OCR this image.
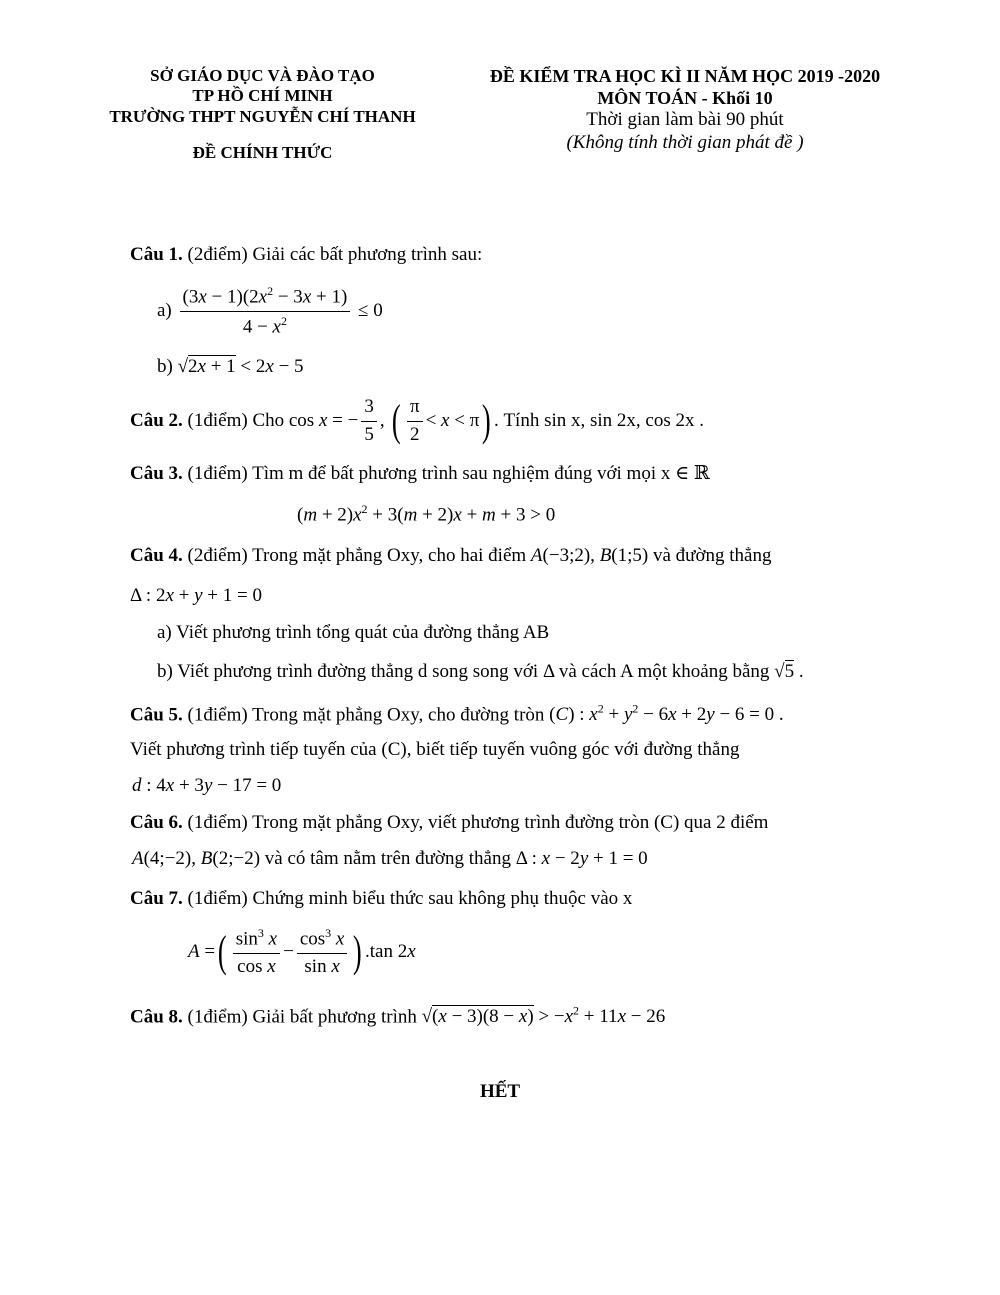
SỞ GIÁO DỤC VÀ ĐÀO TẠO
TP HỒ CHÍ MINH
TRƯỜNG THPT NGUYỄN CHÍ THANH
ĐỀ CHÍNH THỨC
ĐỀ KIỂM TRA HỌC KÌ II NĂM HỌC 2019 -2020
MÔN TOÁN - Khối 10
Thời gian làm bài 90 phút
(Không tính thời gian phát đề )
Câu 1. (2điểm) Giải các bất phương trình sau:
$a) \frac{(3x - 1)(2x^2 - 3x + 1)}{4 - x^2} \le 0$
b) √2x + 1 < 2x − 5
Câu 2. (1điểm) Cho cos x = − $\frac{3}{5}$ , ( $\frac{\pi}{2} < x < \pi$) . Tính sin x, sin 2x, cos 2x .
Câu 3. (1điểm) Tìm m để bất phương trình sau nghiệm đúng với mọi x ∈ ℝ
$(m + 2)x^2 + 3(m + 2)x + m + 3 > 0$
Câu 4. (2điểm) Trong mặt phẳng Oxy, cho hai điểm A(−3;2), B(1;5) và đường thẳng
Δ : 2x + y + 1 = 0
a) Viết phương trình tổng quát của đường thẳng AB
b) Viết phương trình đường thẳng d song song với Δ và cách A một khoảng bằng √5 .
Câu 5. (1điểm) Trong mặt phẳng Oxy, cho đường tròn (C) : $x^2 + y^2 - 6x + 2y - 6 = 0$ .
Viết phương trình tiếp tuyến của (C), biết tiếp tuyến vuông góc với đường thẳng
d : 4x + 3y − 17 = 0
Câu 6. (1điểm) Trong mặt phẳng Oxy, viết phương trình đường tròn (C) qua 2 điểm
A(4;−2), B(2;−2) và có tâm nằm trên đường thẳng Δ : x − 2y + 1 = 0
Câu 7. (1điểm) Chứng minh biểu thức sau không phụ thuộc vào x
A =( $\frac{\sin^3 x}{\text{cos x}} - \frac{\cos^3 x}{\text{sin x}}$ ) .tan 2x
Câu 8. (1điểm) Giải bất phương trình $√(x - 3)(8 - x) > -x^2 + 11x - 26$
HẾT
